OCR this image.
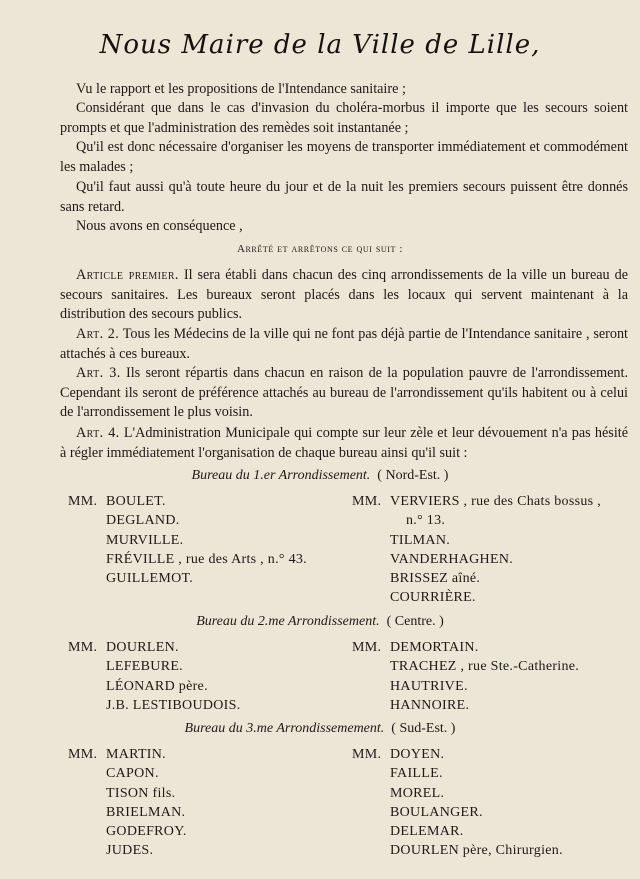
Nous Maire de la Ville de Lille,
Vu le rapport et les propositions de l'Intendance sanitaire ;
Considérant que dans le cas d'invasion du choléra-morbus il importe que les secours soient prompts et que l'administration des remèdes soit instantanée ;
Qu'il est donc nécessaire d'organiser les moyens de transporter immédiatement et commodément les malades ;
Qu'il faut aussi qu'à toute heure du jour et de la nuit les premiers secours puissent être donnés sans retard.
Nous avons en conséquence ,
Arrêté et arrêtons ce qui suit :
Article premier. Il sera établi dans chacun des cinq arrondissements de la ville un bureau de secours sanitaires. Les bureaux seront placés dans les locaux qui servent maintenant à la distribution des secours publics.
Art. 2. Tous les Médecins de la ville qui ne font pas déjà partie de l'Intendance sanitaire , seront attachés à ces bureaux.
Art. 3. Ils seront répartis dans chacun en raison de la population pauvre de l'arrondissement. Cependant ils seront de préférence attachés au bureau de l'arrondissement qu'ils habitent ou à celui de l'arrondissement le plus voisin.
Art. 4. L'Administration Municipale qui compte sur leur zèle et leur dévouement n'a pas hésité à régler immédiatement l'organisation de chaque bureau ainsi qu'il suit :
Bureau du 1.er Arrondissement. ( Nord-Est. )
MM. BOULET.
DEGLAND.
MURVILLE.
FRÉVILLE , rue des Arts , n.° 43.
GUILLEMOT.
MM. VERVIERS , rue des Chats bossus ,
n.° 13.
TILMAN.
VANDERHAGHEN.
BRISSEZ aîné.
COURRIÈRE.
Bureau du 2.me Arrondissement. ( Centre. )
MM. DOURLEN.
LEFEBURE.
LÉONARD père.
J.B. LESTIBOUDOIS.
MM. DEMORTAIN.
TRACHEZ , rue Ste.-Catherine.
HAUTRIVE.
HANNOIRE.
Bureau du 3.me Arrondissemement. ( Sud-Est. )
MM. MARTIN.
CAPON.
TISON fils.
BRIELMAN.
GODEFROY.
JUDES.
MM. DOYEN.
FAILLE.
MOREL.
BOULANGER.
DELEMAR.
DOURLEN père, Chirurgien.
